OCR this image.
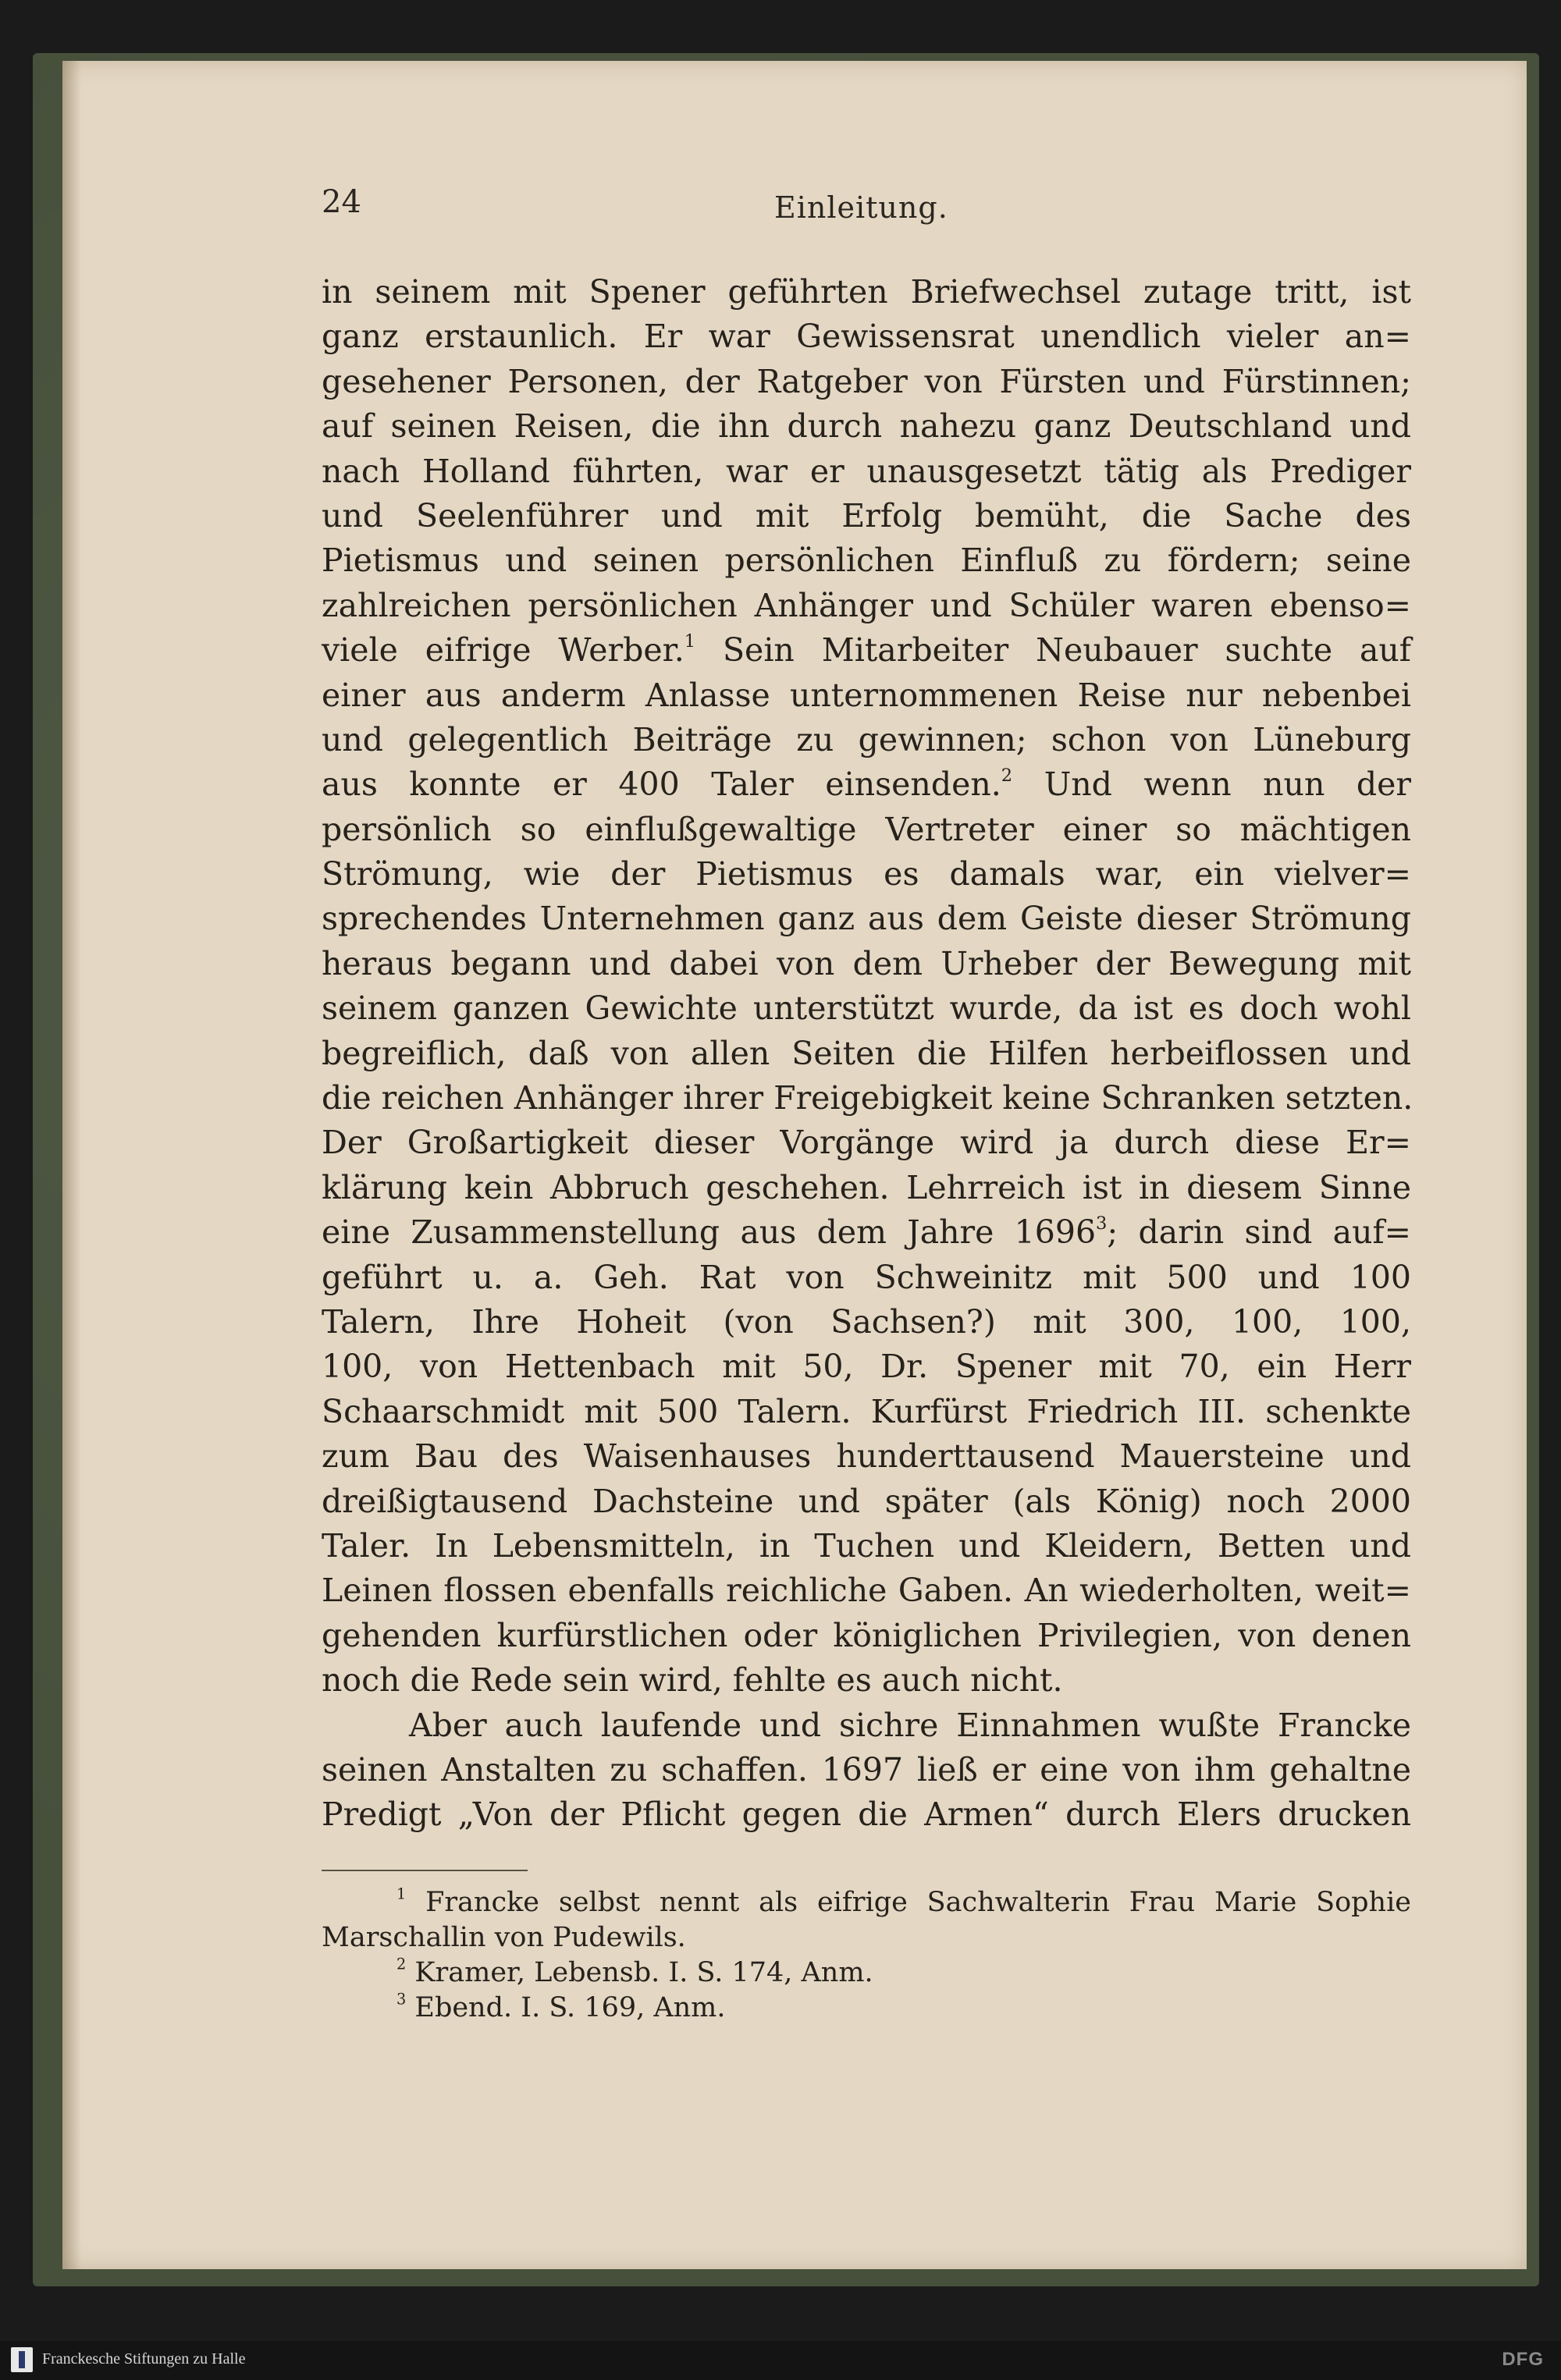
24	Einleitung.
in seinem mit Spener geführten Briefwechsel zutage tritt, ist
ganz erstaunlich. Er war Gewissensrat unendlich vieler an=
gesehener Personen, der Ratgeber von Fürsten und Fürstinnen;
auf seinen Reisen, die ihn durch nahezu ganz Deutschland und
nach Holland führten, war er unausgesetzt tätig als Prediger
und Seelenführer und mit Erfolg bemüht, die Sache des
Pietismus und seinen persönlichen Einfluß zu fördern; seine
zahlreichen persönlichen Anhänger und Schüler waren ebenso=
viele eifrige Werber.$^1$ Sein Mitarbeiter Neubauer suchte auf
einer aus anderm Anlasse unternommenen Reise nur nebenbei
und gelegentlich Beiträge zu gewinnen; schon von Lüneburg
aus konnte er 400 Taler einsenden.$^2$ Und wenn nun der
persönlich so einflußgewaltige Vertreter einer so mächtigen
Strömung, wie der Pietismus es damals war, ein vielver=
sprechendes Unternehmen ganz aus dem Geiste dieser Strömung
heraus begann und dabei von dem Urheber der Bewegung mit
seinem ganzen Gewichte unterstützt wurde, da ist es doch wohl
begreiflich, daß von allen Seiten die Hilfen herbeiflossen und
die reichen Anhänger ihrer Freigebigkeit keine Schranken setzten.
Der Großartigkeit dieser Vorgänge wird ja durch diese Er=
klärung kein Abbruch geschehen. Lehrreich ist in diesem Sinne
eine Zusammenstellung aus dem Jahre 1696$^3$; darin sind auf=
geführt u. a. Geh. Rat von Schweinitz mit 500 und 100
Talern, Ihre Hoheit (von Sachsen?) mit 300, 100, 100,
100, von Hettenbach mit 50, Dr. Spener mit 70, ein Herr
Schaarschmidt mit 500 Talern. Kurfürst Friedrich III. schenkte
zum Bau des Waisenhauses hunderttausend Mauersteine und
dreißigtausend Dachsteine und später (als König) noch 2000
Taler. In Lebensmitteln, in Tuchen und Kleidern, Betten und
Leinen flossen ebenfalls reichliche Gaben. An wiederholten, weit=
gehenden kurfürstlichen oder königlichen Privilegien, von denen
noch die Rede sein wird, fehlte es auch nicht.
Aber auch laufende und sichre Einnahmen wußte Francke
seinen Anstalten zu schaffen. 1697 ließ er eine von ihm gehaltne
Predigt „Von der Pflicht gegen die Armen“ durch Elers drucken
$^1$ Francke selbst nennt als eifrige Sachwalterin Frau Marie Sophie
Marschallin von Pudewils.
$^2$ Kramer, Lebensb. I. S. 174, Anm.
$^3$ Ebend. I. S. 169, Anm.
Franckesche Stiftungen zu Halle	DFG
